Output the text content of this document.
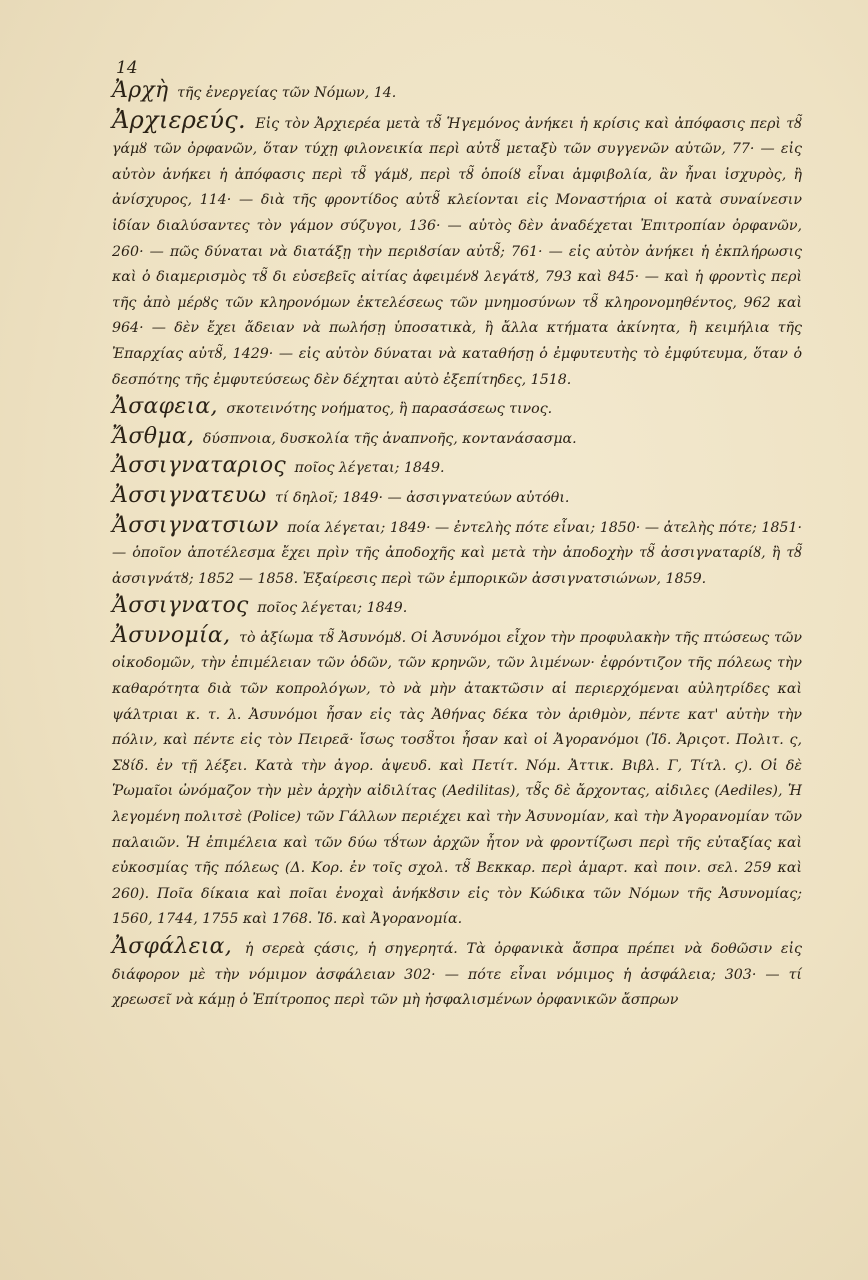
14

Ἀρχὴ τῆς ἐνεργείας τῶν Νόμων, 14.

Ἀρχιερεύς. Εἰς τὸν Ἀρχιερέα μετὰ τȣ̃ Ἡγεμόνος ἀνήκει ἡ κρίσις καὶ ἀπόφασις περὶ τȣ̃ γάμȣ τῶν ὀρφανῶν, ὅταν τύχῃ φιλονεικία περὶ αὐτȣ̃ μεταξὺ τῶν συγγενῶν αὐτῶν, 77· — εἰς αὐτὸν ἀνήκει ἡ ἀπόφασις περὶ τȣ̃ γάμȣ, περὶ τȣ̃ ὁποίȣ εἶναι ἀμφιβολία, ἂν ἦναι ἰσχυρὸς, ἢ ἀνίσχυρος, 114· — διὰ τῆς φροντίδος αὐτȣ̃ κλείονται εἰς Μοναστήρια οἱ κατὰ συναίνεσιν ἰδίαν διαλύσαντες τὸν γάμον σύζυγοι, 136· — αὐτὸς δὲν ἀναδέχεται Ἐπιτροπίαν ὀρφανῶν, 260· — πῶς δύναται νὰ διατάξῃ τὴν περιȣσίαν αὐτȣ̃; 761· — εἰς αὐτὸν ἀνήκει ἡ ἐκπλήρωσις καὶ ὁ διαμερισμὸς τȣ̃ δι εὐσεβεῖς αἰτίας ἀφειμένȣ λεγάτȣ, 793 καὶ 845· — καὶ ἡ φροντὶς περὶ τῆς ἀπὸ μέρȣς τῶν κληρονόμων ἐκτελέσεως τῶν μνημοσύνων τȣ̃ κληρονομηθέντος, 962 καὶ 964· — δὲν ἔχει ἄδειαν νὰ πωλήσῃ ὑποσατικὰ, ἢ ἄλλα κτήματα ἀκίνητα, ἢ κειμήλια τῆς Ἐπαρχίας αὐτȣ̃, 1429· — εἰς αὐτὸν δύναται νὰ καταθήσῃ ὁ ἐμφυτευτὴς τὸ ἐμφύτευμα, ὅταν ὁ δεσπότης τῆς ἐμφυτεύσεως δὲν δέχηται αὐτὸ ἐξεπίτηδες, 1518.

Ἀσαφεια, σκοτεινότης νοήματος, ἢ παρασάσεως τινος.

Ἄσθμα, δύσπνοια, δυσκολία τῆς ἀναπνοῆς, κοντανάσασμα.

Ἀσσιγναταριος ποῖος λέγεται; 1849.

Ἀσσιγνατευω τί δηλοῖ; 1849· — ἀσσιγνατεύων αὐτόθι.

Ἀσσιγνατσιων ποία λέγεται; 1849· — ἐντελὴς πότε εἶναι; 1850· — ἀτελὴς πότε; 1851· — ὁποῖον ἀποτέλεσμα ἔχει πρὶν τῆς ἀποδοχῆς καὶ μετὰ τὴν ἀποδοχὴν τȣ̃ ἀσσιγναταρίȣ, ἢ τȣ̃ ἀσσιγνάτȣ; 1852 — 1858. Ἐξαίρεσις περὶ τῶν ἐμπορικῶν ἀσσιγνατσιώνων, 1859.

Ἀσσιγνατος ποῖος λέγεται; 1849.

Ἀσυνομία, τὸ ἀξίωμα τȣ̃ Ἀσυνόμȣ. Οἱ Ἀσυνόμοι εἶχον τὴν προφυλακὴν τῆς πτώσεως τῶν οἰκοδομῶν, τὴν ἐπιμέλειαν τῶν ὁδῶν, τῶν κρηνῶν, τῶν λιμένων· ἐφρόντιζον τῆς πόλεως τὴν καθαρότητα διὰ τῶν κοπρολόγων, τὸ νὰ μὴν ἀτακτῶσιν αἱ περιερχόμεναι αὐλητρίδες καὶ ψάλτριαι κ. τ. λ. Ἀσυνόμοι ἦσαν εἰς τὰς Ἀθήνας δέκα τὸν ἀριθμὸν, πέντε κατ' αὐτὴν τὴν πόλιν, καὶ πέντε εἰς τὸν Πειρεᾶ· ἴσως τοσȣ̃τοι ἦσαν καὶ οἱ Ἀγορανόμοι (Ἰδ. Ἀριςοτ. Πολιτ. ς, Σȣίδ. ἐν τῇ λέξει. Κατὰ τὴν ἀγορ. ἀψευδ. καὶ Πετίτ. Νόμ. Ἀττικ. Βιβλ. Γ, Τίτλ. ϛ). Οἱ δὲ Ῥωμαῖοι ὠνόμαζον τὴν μὲν ἀρχὴν αἰδιλίτας (Aedilitas), τȣ̃ς δὲ ἄρχοντας, αἰδιλες (Aediles), Ἡ λεγομένη πολιτσὲ (Police) τῶν Γάλλων περιέχει καὶ τὴν Ἀσυνομίαν, καὶ τὴν Ἀγορανομίαν τῶν παλαιῶν. Ἡ ἐπιμέλεια καὶ τῶν δύω τȣ́των ἀρχῶν ἦτον νὰ φροντίζωσι περὶ τῆς εὐταξίας καὶ εὐκοσμίας τῆς πόλεως (Δ. Κορ. ἐν τοῖς σχολ. τȣ̃ Βεκκαρ. περὶ ἁμαρτ. καὶ ποιν. σελ. 259 καὶ 260). Ποῖα δίκαια καὶ ποῖαι ἐνοχαὶ ἀνήκȣσιν εἰς τὸν Κώδικα τῶν Νόμων τῆς Ἀσυνομίας; 1560, 1744, 1755 καὶ 1768. Ἰδ. καὶ Ἀγορανομία.

Ἀσφάλεια, ἡ σερεὰ ςάσις, ἡ σηγερητά. Τὰ ὀρφανικὰ ἄσπρα πρέπει νὰ δοθῶσιν εἰς διάφορον μὲ τὴν νόμιμον ἀσφάλειαν 302· — πότε εἶναι νόμιμος ἡ ἀσφάλεια; 303· — τί χρεωσεῖ νὰ κάμῃ ὁ Ἐπίτροπος περὶ τῶν μὴ ἠσφαλισμένων ὀρφανικῶν ἄσπρων
